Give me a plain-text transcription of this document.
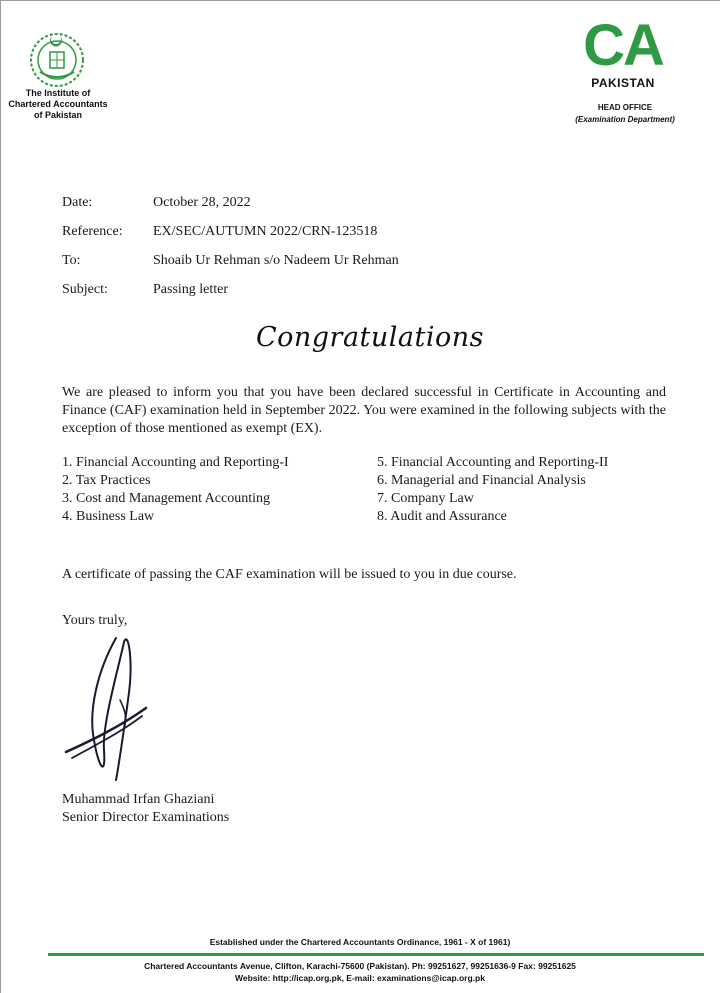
The Institute of
Chartered Accountants
of Pakistan
CA
PAKISTAN
HEAD OFFICE
(Examination Department)
Date:	October 28, 2022
Reference: EX/SEC/AUTUMN 2022/CRN-123518
To:	Shoaib Ur Rehman s/o Nadeem Ur Rehman
Subject:	Passing letter
Congratulations
We are pleased to inform you that you have been declared successful in Certificate in Accounting and Finance (CAF) examination held in September 2022. You were examined in the following subjects with the exception of those mentioned as exempt (EX).
1. Financial Accounting and Reporting-I
2. Tax Practices
3. Cost and Management Accounting
4. Business Law
5. Financial Accounting and Reporting-II
6. Managerial and Financial Analysis
7. Company Law
8. Audit and Assurance
A certificate of passing the CAF examination will be issued to you in due course.
Yours truly,
Muhammad Irfan Ghaziani
Senior Director Examinations
Established under the Chartered Accountants Ordinance, 1961 - X of 1961)
Chartered Accountants Avenue, Clifton, Karachi-75600 (Pakistan). Ph: 99251627, 99251636-9 Fax: 99251625
Website: http://icap.org.pk, E-mail: examinations@icap.org.pk
